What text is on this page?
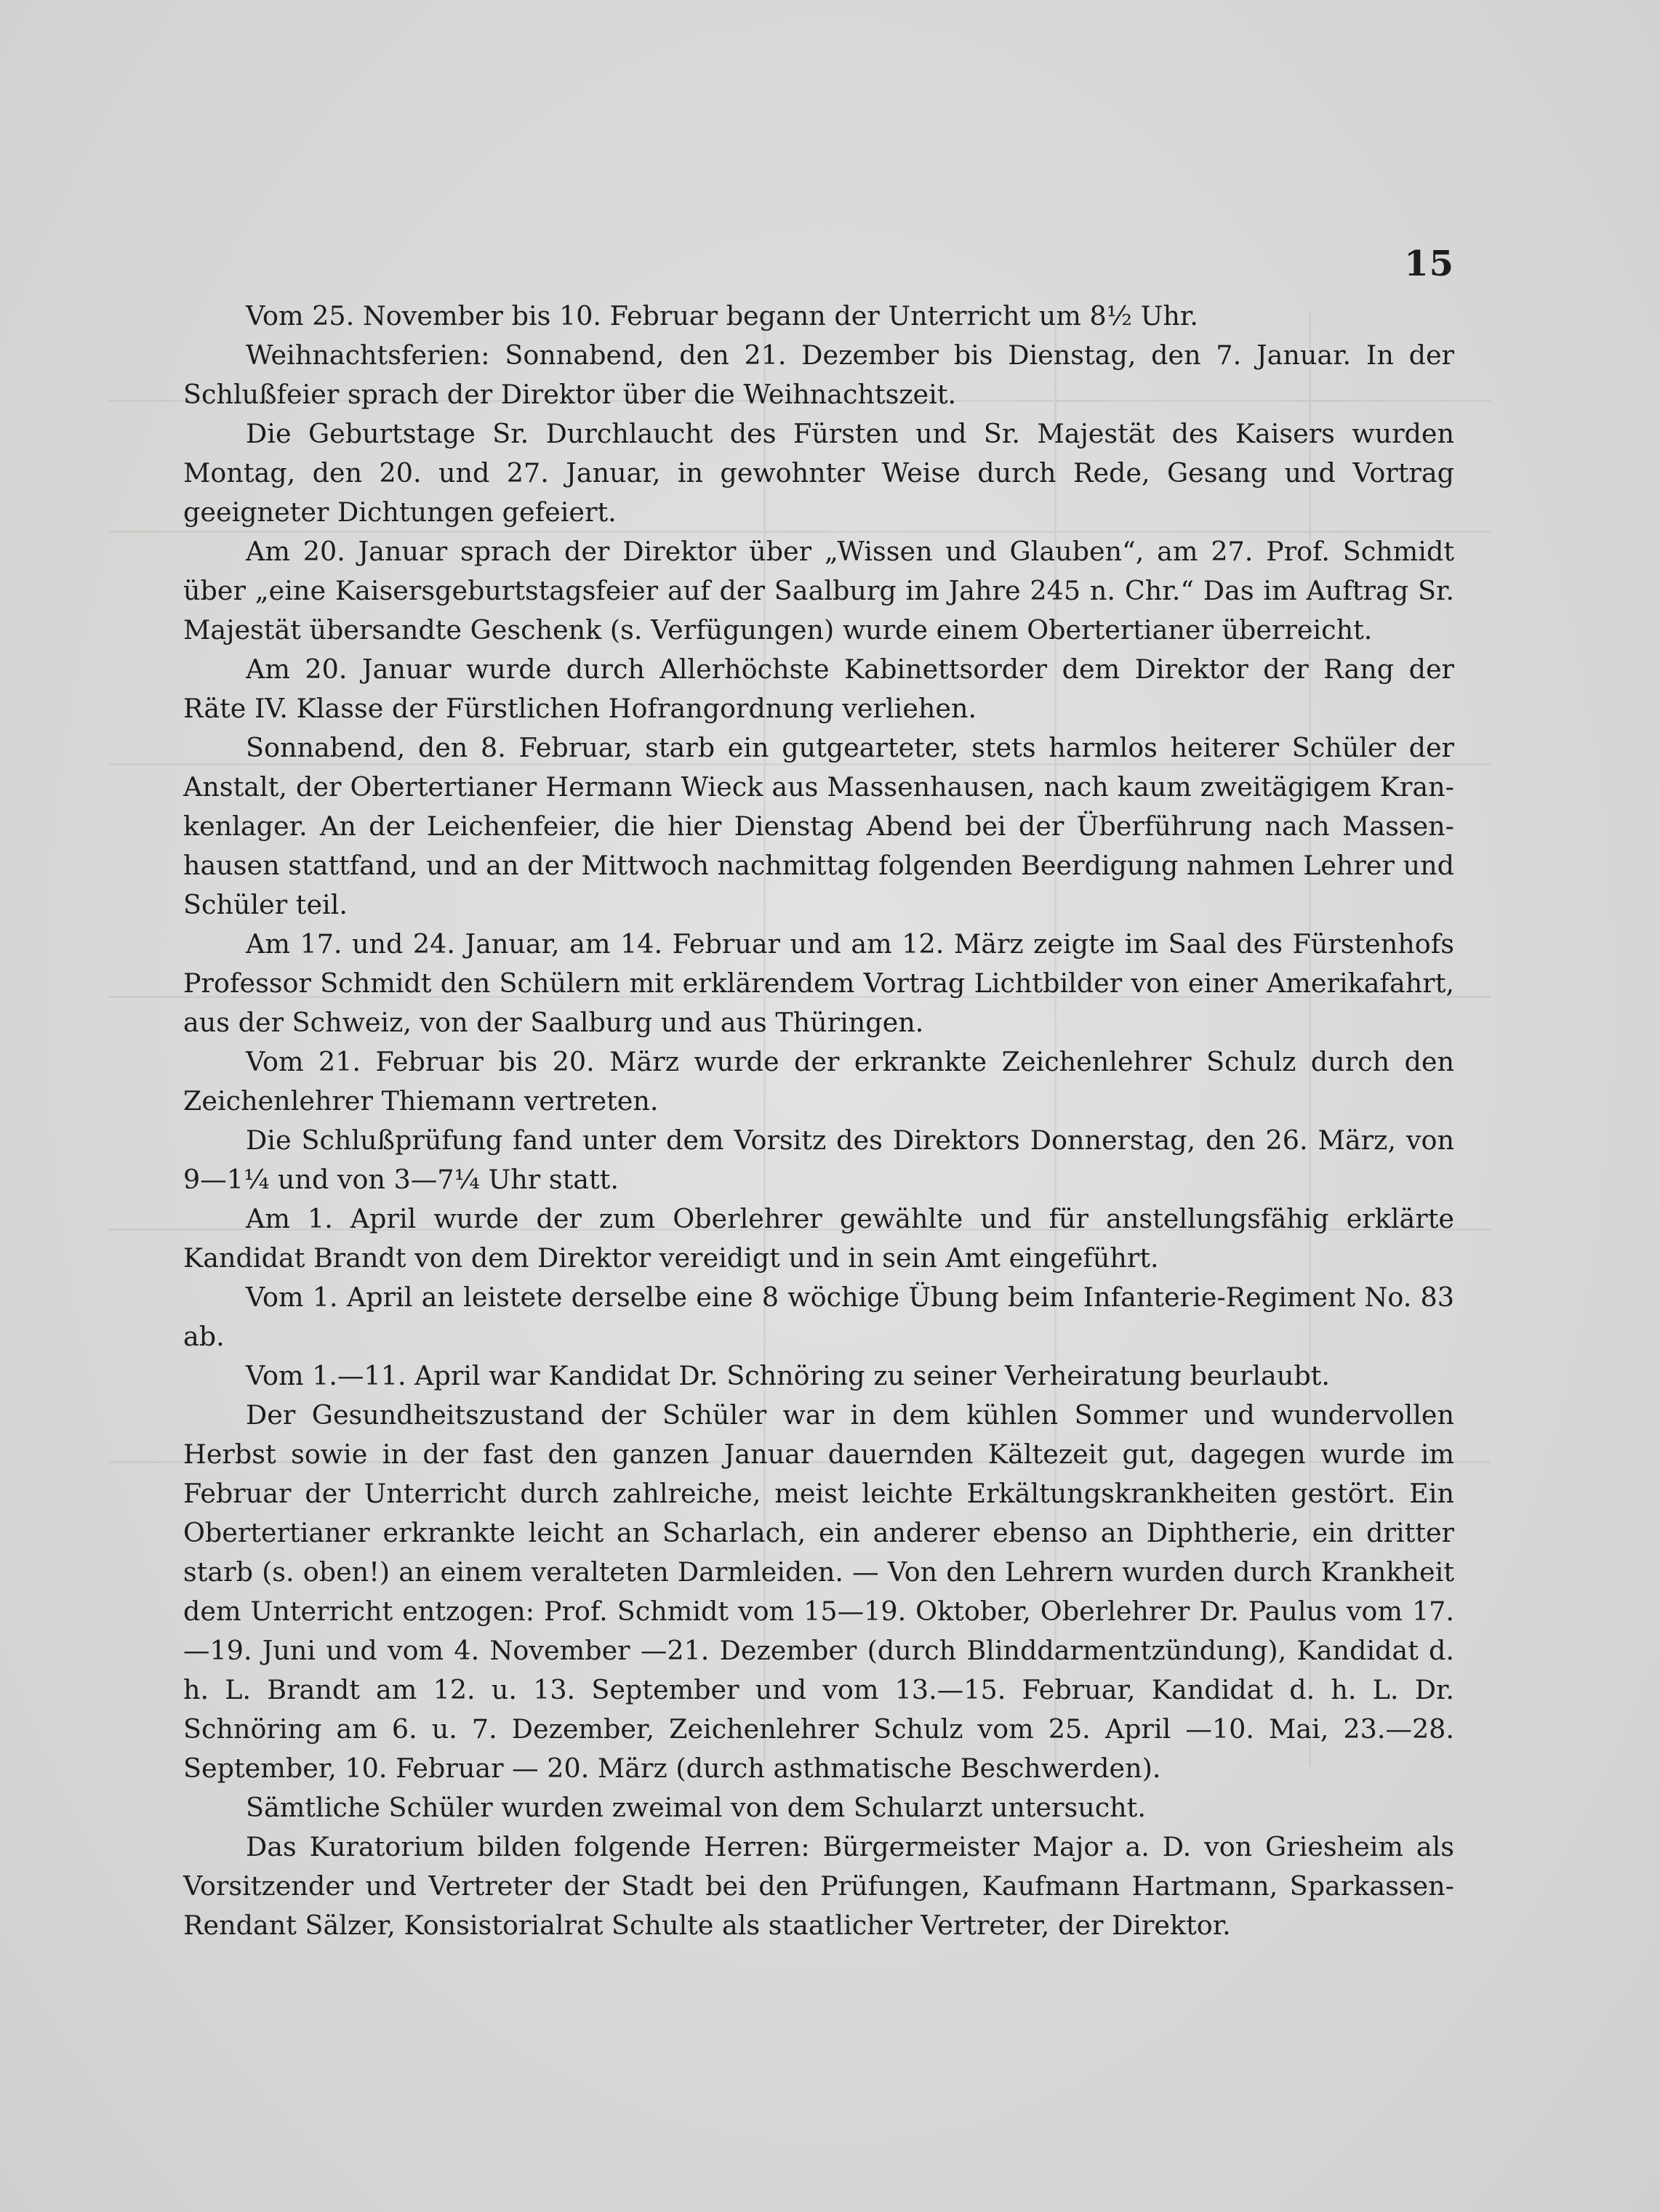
15

Vom 25. November bis 10. Februar begann der Unterricht um 8½ Uhr.

Weihnachtsferien: Sonnabend, den 21. Dezember bis Dienstag, den 7. Januar. In der Schlußfeier sprach der Direktor über die Weihnachtszeit.

Die Geburtstage Sr. Durchlaucht des Fürsten und Sr. Majestät des Kaisers wurden Montag, den 20. und 27. Januar, in gewohnter Weise durch Rede, Gesang und Vortrag geeigneter Dichtungen gefeiert.

Am 20. Januar sprach der Direktor über „Wissen und Glauben“, am 27. Prof. Schmidt über „eine Kaisersgeburtstagsfeier auf der Saalburg im Jahre 245 n. Chr.“ Das im Auftrag Sr. Majestät übersandte Geschenk (s. Verfügungen) wurde einem Obertertianer überreicht.

Am 20. Januar wurde durch Allerhöchste Kabinettsorder dem Direktor der Rang der Räte IV. Klasse der Fürstlichen Hofrangordnung verliehen.

Sonnabend, den 8. Februar, starb ein gutgearteter, stets harmlos heiterer Schüler der Anstalt, der Obertertianer Hermann Wieck aus Massenhausen, nach kaum zweitägigem Krankenlager. An der Leichenfeier, die hier Dienstag Abend bei der Überführung nach Massenhausen stattfand, und an der Mittwoch nachmittag folgenden Beerdigung nahmen Lehrer und Schüler teil.

Am 17. und 24. Januar, am 14. Februar und am 12. März zeigte im Saal des Fürstenhofs Professor Schmidt den Schülern mit erklärendem Vortrag Lichtbilder von einer Amerikafahrt, aus der Schweiz, von der Saalburg und aus Thüringen.

Vom 21. Februar bis 20. März wurde der erkrankte Zeichenlehrer Schulz durch den Zeichenlehrer Thiemann vertreten.

Die Schlußprüfung fand unter dem Vorsitz des Direktors Donnerstag, den 26. März, von 9—1¼ und von 3—7¼ Uhr statt.

Am 1. April wurde der zum Oberlehrer gewählte und für anstellungsfähig erklärte Kandidat Brandt von dem Direktor vereidigt und in sein Amt eingeführt.

Vom 1. April an leistete derselbe eine 8 wöchige Übung beim Infanterie-Regiment No. 83 ab.

Vom 1.—11. April war Kandidat Dr. Schnöring zu seiner Verheiratung beurlaubt.

Der Gesundheitszustand der Schüler war in dem kühlen Sommer und wundervollen Herbst sowie in der fast den ganzen Januar dauernden Kältezeit gut, dagegen wurde im Februar der Unterricht durch zahlreiche, meist leichte Erkältungskrankheiten gestört. Ein Obertertianer erkrankte leicht an Scharlach, ein anderer ebenso an Diphtherie, ein dritter starb (s. oben!) an einem veralteten Darmleiden. — Von den Lehrern wurden durch Krankheit dem Unterricht entzogen: Prof. Schmidt vom 15—19. Oktober, Oberlehrer Dr. Paulus vom 17.—19. Juni und vom 4. November —21. Dezember (durch Blinddarmentzündung), Kandidat d. h. L. Brandt am 12. u. 13. September und vom 13.—15. Februar, Kandidat d. h. L. Dr. Schnöring am 6. u. 7. Dezember, Zeichenlehrer Schulz vom 25. April —10. Mai, 23.—28. September, 10. Februar — 20. März (durch asthmatische Beschwerden).

Sämtliche Schüler wurden zweimal von dem Schularzt untersucht.

Das Kuratorium bilden folgende Herren: Bürgermeister Major a. D. von Griesheim als Vorsitzender und Vertreter der Stadt bei den Prüfungen, Kaufmann Hartmann, Sparkassen-Rendant Sälzer, Konsistorialrat Schulte als staatlicher Vertreter, der Direktor.
